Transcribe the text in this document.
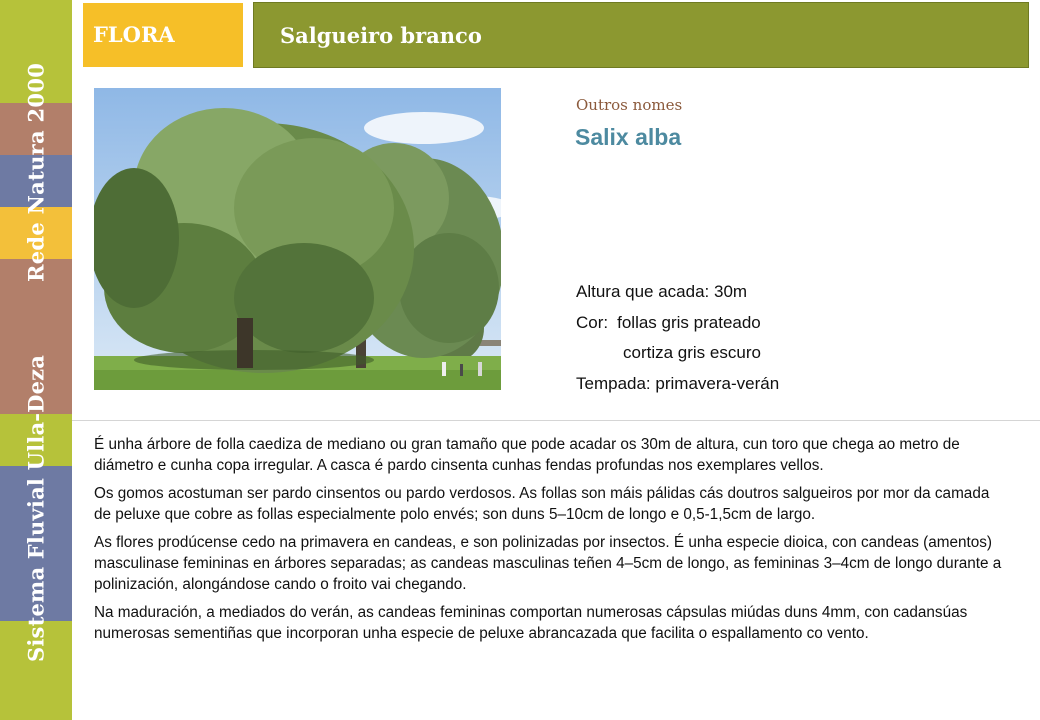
Rede Natura 2000
Sistema Fluvial Ulla-Deza
FLORA	Salgueiro branco
Outros nomes
Salix alba
Altura que acada: 30m
Cor: follas gris prateado
cortiza gris escuro
Tempada: primavera-verán

É unha árbore de folla caediza de mediano ou gran tamaño que pode acadar os 30m de altura, cun toro que chega ao metro de diámetro e cunha copa irregular. A casca é pardo cinsenta cunhas fendas profundas nos exemplares vellos.

Os gomos acostuman ser pardo cinsentos ou pardo verdosos. As follas son máis pálidas cás doutros salgueiros por mor da camada de peluxe que cobre as follas especialmente polo envés; son duns 5–10cm de longo e 0,5-1,5cm de largo.

As flores prodúcense cedo na primavera en candeas, e son polinizadas por insectos. É unha especie dioica, con candeas (amentos) masculinase femininas en árbores separadas; as candeas masculinas teñen 4–5cm de longo, as femininas 3–4cm de longo durante a polinización, alongándose cando o froito vai chegando.

Na maduración, a mediados do verán, as candeas femininas comportan numerosas cápsulas miúdas duns 4mm, con cadansúas numerosas sementiñas que incorporan unha especie de peluxe abrancazada que facilita o espallamento co vento.
